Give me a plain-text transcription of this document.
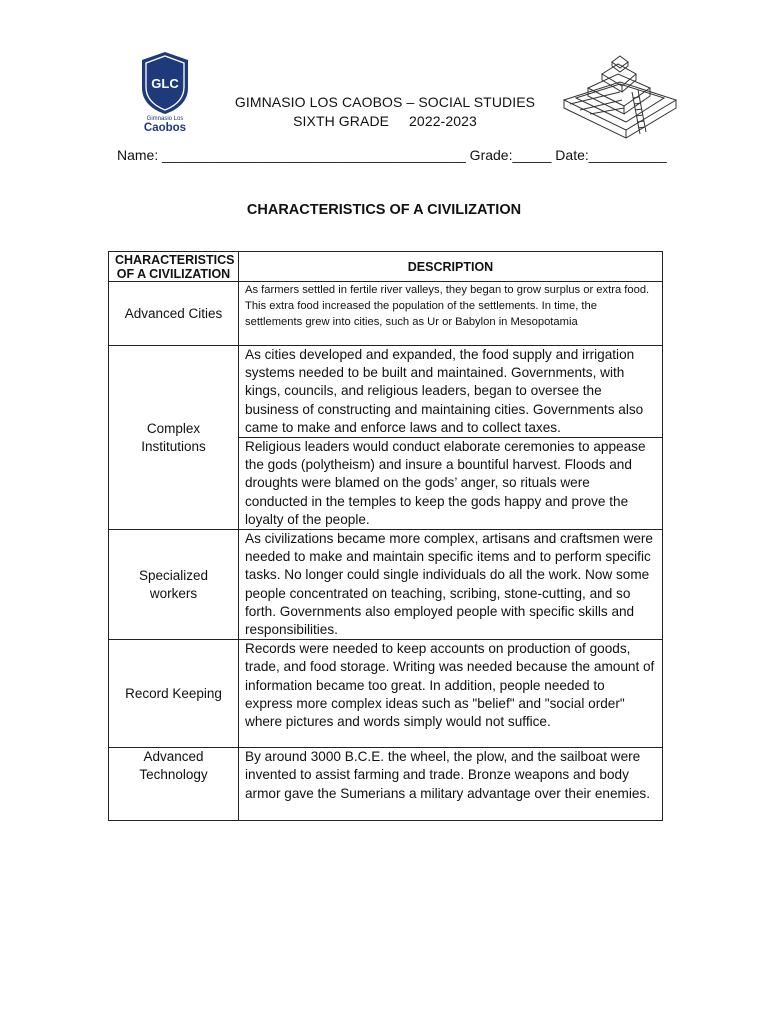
GLC
Gimnasio Los
Caobos
GIMNASIO LOS CAOBOS – SOCIAL STUDIES
SIXTH GRADE     2022-2023
Name: _______________________________________ Grade:_____ Date:__________
CHARACTERISTICS OF A CIVILIZATION
CHARACTERISTICS OF A CIVILIZATION	DESCRIPTION
Advanced Cities	As farmers settled in fertile river valleys, they began to grow surplus or extra food. This extra food increased the population of the settlements. In time, the settlements grew into cities, such as Ur or Babylon in Mesopotamia
Complex Institutions	As cities developed and expanded, the food supply and irrigation systems needed to be built and maintained. Governments, with kings, councils, and religious leaders, began to oversee the business of constructing and maintaining cities. Governments also came to make and enforce laws and to collect taxes.
	Religious leaders would conduct elaborate ceremonies to appease the gods (polytheism) and insure a bountiful harvest. Floods and droughts were blamed on the gods’ anger, so rituals were conducted in the temples to keep the gods happy and prove the loyalty of the people.
Specialized workers	As civilizations became more complex, artisans and craftsmen were needed to make and maintain specific items and to perform specific tasks. No longer could single individuals do all the work. Now some people concentrated on teaching, scribing, stone-cutting, and so forth. Governments also employed people with specific skills and responsibilities.
Record Keeping	Records were needed to keep accounts on production of goods, trade, and food storage. Writing was needed because the amount of information became too great. In addition, people needed to express more complex ideas such as "belief" and "social order" where pictures and words simply would not suffice.
Advanced Technology	By around 3000 B.C.E. the wheel, the plow, and the sailboat were invented to assist farming and trade. Bronze weapons and body armor gave the Sumerians a military advantage over their enemies.
